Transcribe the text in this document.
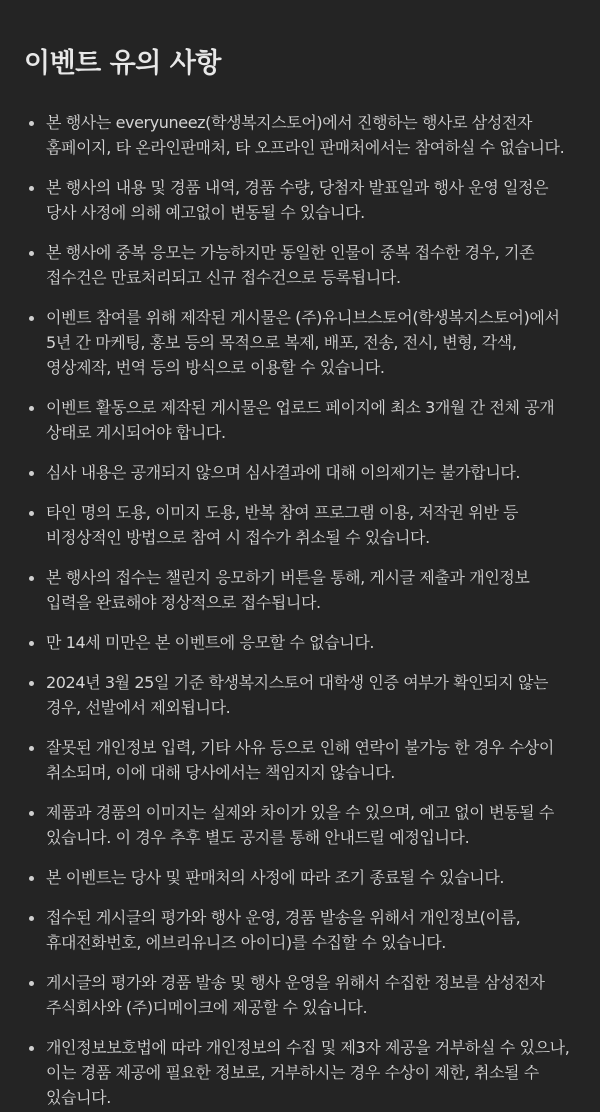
이벤트 유의 사항
본 행사는 everyuneez(학생복지스토어)에서 진행하는 행사로 삼성전자 홈페이지, 타 온라인판매처, 타 오프라인 판매처에서는 참여하실 수 없습니다.
본 행사의 내용 및 경품 내역, 경품 수량, 당첨자 발표일과 행사 운영 일정은 당사 사정에 의해 예고없이 변동될 수 있습니다.
본 행사에 중복 응모는 가능하지만 동일한 인물이 중복 접수한 경우, 기존 접수건은 만료처리되고 신규 접수건으로 등록됩니다.
이벤트 참여를 위해 제작된 게시물은 (주)유니브스토어(학생복지스토어)에서 5년 간 마케팅, 홍보 등의 목적으로 복제, 배포, 전송, 전시, 변형, 각색, 영상제작, 번역 등의 방식으로 이용할 수 있습니다.
이벤트 활동으로 제작된 게시물은 업로드 페이지에 최소 3개월 간 전체 공개 상태로 게시되어야 합니다.
심사 내용은 공개되지 않으며 심사결과에 대해 이의제기는 불가합니다.
타인 명의 도용, 이미지 도용, 반복 참여 프로그램 이용, 저작권 위반 등 비정상적인 방법으로 참여 시 접수가 취소될 수 있습니다.
본 행사의 접수는 챌린지 응모하기 버튼을 통해, 게시글 제출과 개인정보 입력을 완료해야 정상적으로 접수됩니다.
만 14세 미만은 본 이벤트에 응모할 수 없습니다.
2024년 3월 25일 기준 학생복지스토어 대학생 인증 여부가 확인되지 않는 경우, 선발에서 제외됩니다.
잘못된 개인정보 입력, 기타 사유 등으로 인해 연락이 불가능 한 경우 수상이 취소되며, 이에 대해 당사에서는 책임지지 않습니다.
제품과 경품의 이미지는 실제와 차이가 있을 수 있으며, 예고 없이 변동될 수 있습니다. 이 경우 추후 별도 공지를 통해 안내드릴 예정입니다.
본 이벤트는 당사 및 판매처의 사정에 따라 조기 종료될 수 있습니다.
접수된 게시글의 평가와 행사 운영, 경품 발송을 위해서 개인정보(이름, 휴대전화번호, 에브리유니즈 아이디)를 수집할 수 있습니다.
게시글의 평가와 경품 발송 및 행사 운영을 위해서 수집한 정보를 삼성전자 주식회사와 (주)디메이크에 제공할 수 있습니다.
개인정보보호법에 따라 개인정보의 수집 및 제3자 제공을 거부하실 수 있으나, 이는 경품 제공에 필요한 정보로, 거부하시는 경우 수상이 제한, 취소될 수 있습니다.
